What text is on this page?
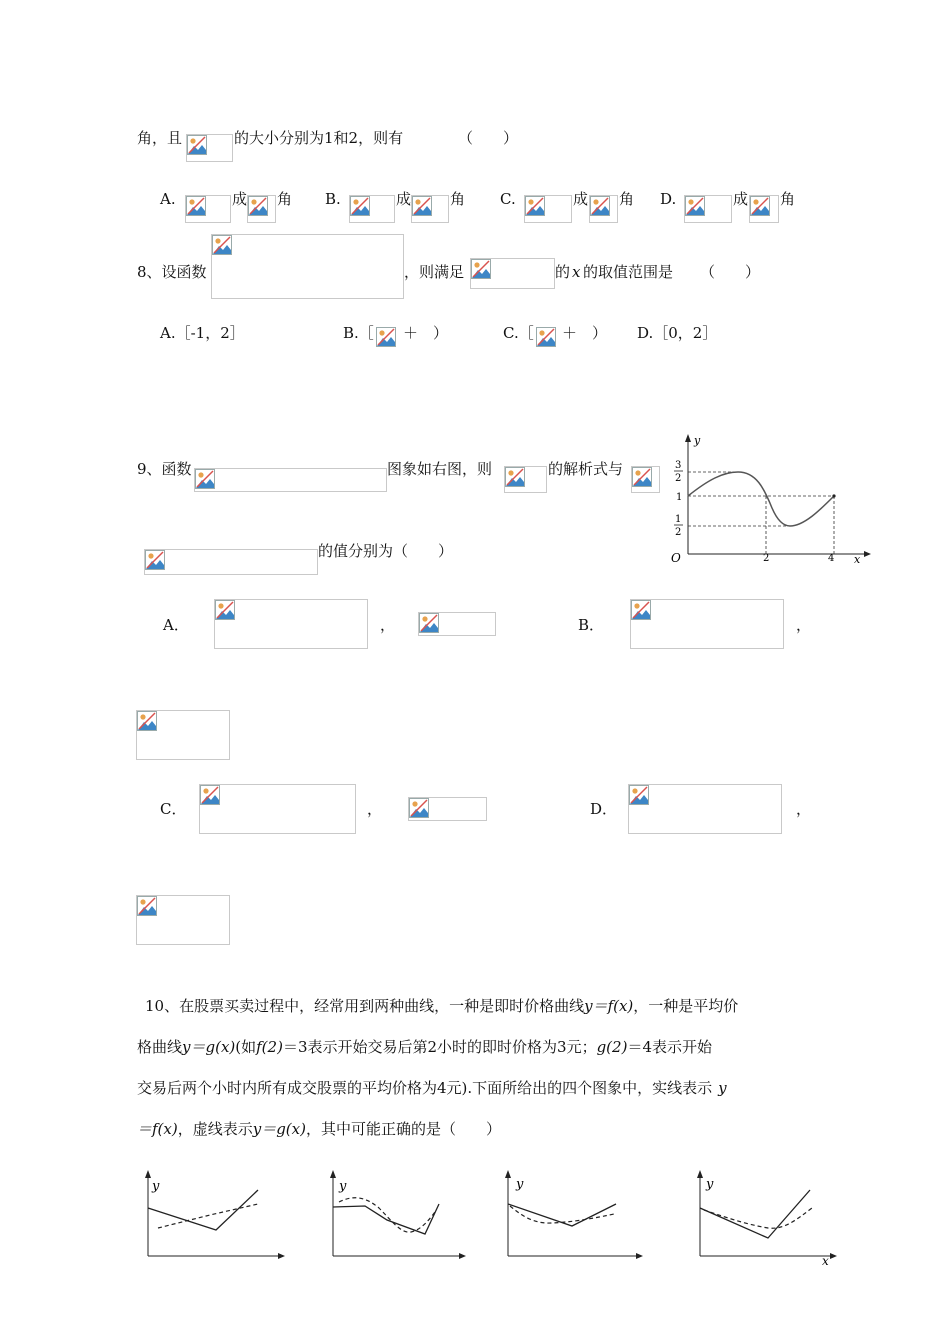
角，且	的大小分别为1和2，则有	（　　）
A.	成 角 B.	成	角 C.	成 角 D.	成 角
8、设函数	，则满足	的 x 的取值范围是 （　　）
A.［-1，2］	B.［ ＋　）	C.［ ＋　） D.［0，2］
9、函数	图象如右图，则	的解析式与
y
x
O
3
2
1
1
2
2	4
的值分别为（　　）
A．	，	B．	，
C．	，	D．	，
10、在股票买卖过程中，经常用到两种曲线，一种是即时价格曲线y＝f(x)，一种是平均价
格曲线y＝g(x)(如f(2)＝3表示开始交易后第2小时的即时价格为3元；g(2)＝4表示开始
交易后两个小时内所有成交股票的平均价格为4元).下面所给出的四个图象中，实线表示 y
＝f(x)，虚线表示y＝g(x)，其中可能正确的是（　　）
y	y	y	y
x
